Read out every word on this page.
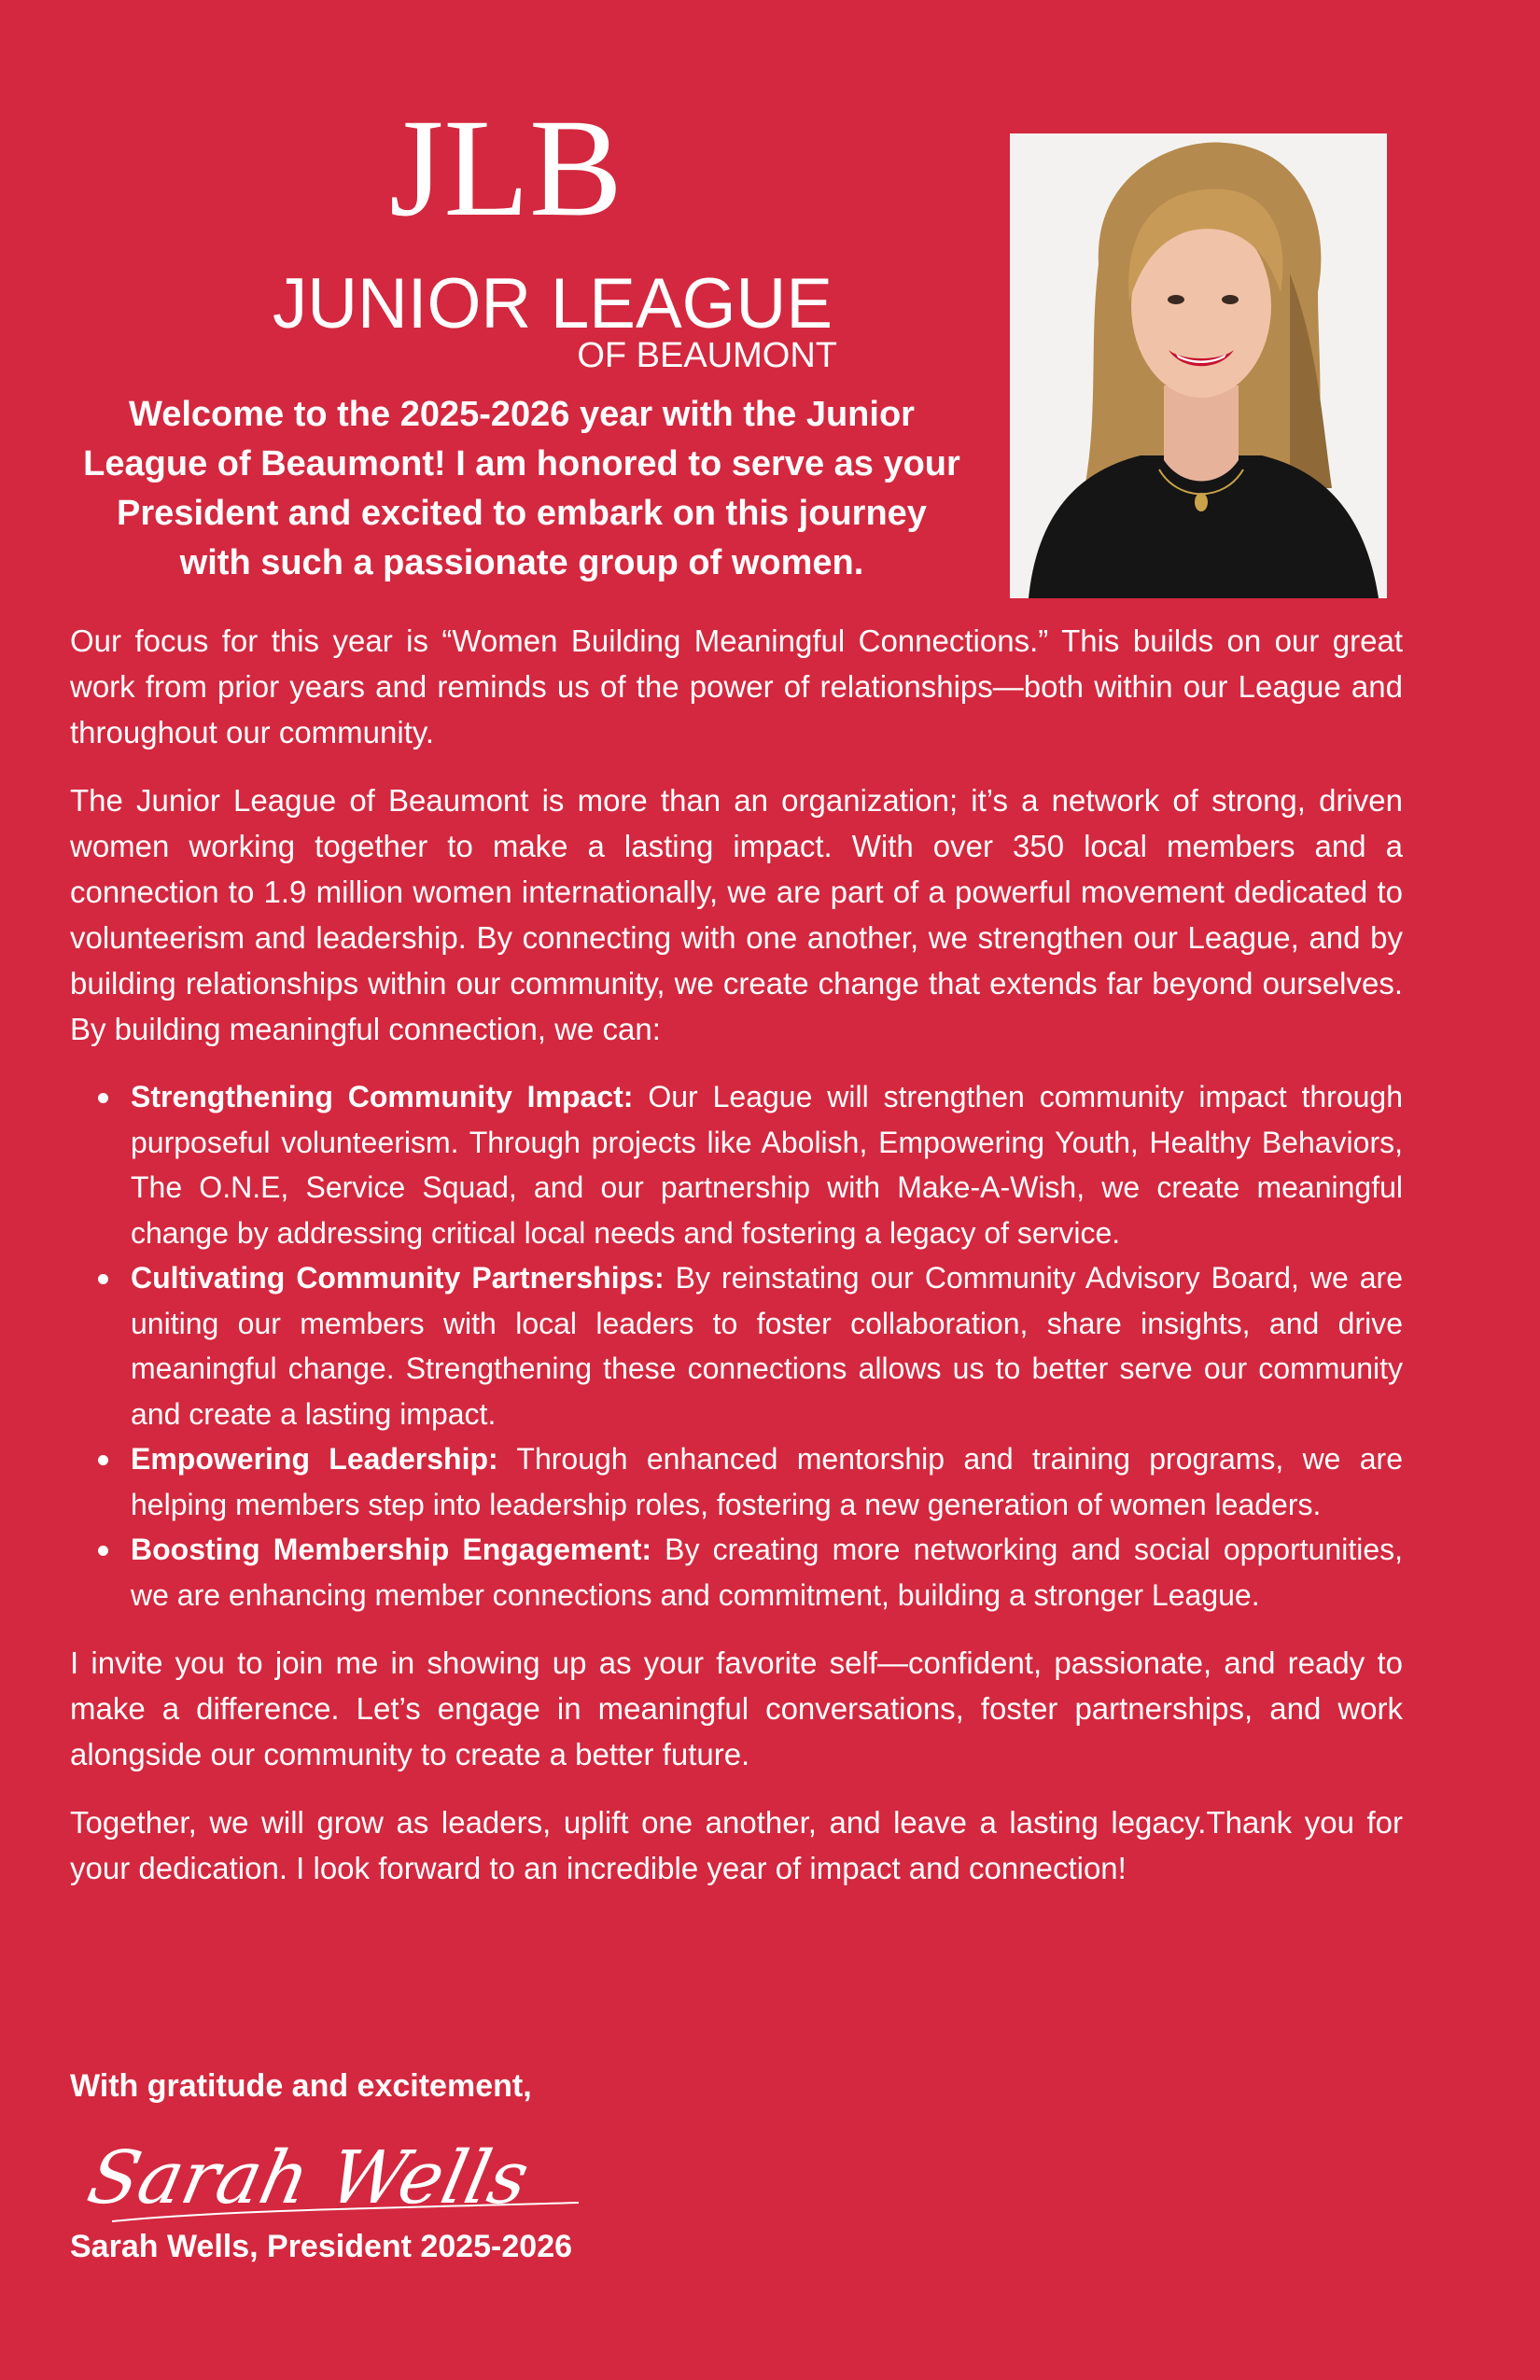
JLB
JUNIOR LEAGUE
OF BEAUMONT

Welcome to the 2025-2026 year with the Junior League of Beaumont! I am honored to serve as your President and excited to embark on this journey with such a passionate group of women.

Our focus for this year is “Women Building Meaningful Connections.” This builds on our great work from prior years and reminds us of the power of relationships—both within our League and throughout our community.

The Junior League of Beaumont is more than an organization; it’s a network of strong, driven women working together to make a lasting impact. With over 350 local members and a connection to 1.9 million women internationally, we are part of a powerful movement dedicated to volunteerism and leadership. By connecting with one another, we strengthen our League, and by building relationships within our community, we create change that extends far beyond ourselves. By building meaningful connection, we can:

Strengthening Community Impact: Our League will strengthen community impact through purposeful volunteerism. Through projects like Abolish, Empowering Youth, Healthy Behaviors, The O.N.E, Service Squad, and our partnership with Make-A-Wish, we create meaningful change by addressing critical local needs and fostering a legacy of service.
Cultivating Community Partnerships: By reinstating our Community Advisory Board, we are uniting our members with local leaders to foster collaboration, share insights, and drive meaningful change. Strengthening these connections allows us to better serve our community and create a lasting impact.
Empowering Leadership: Through enhanced mentorship and training programs, we are helping members step into leadership roles, fostering a new generation of women leaders.
Boosting Membership Engagement: By creating more networking and social opportunities, we are enhancing member connections and commitment, building a stronger League.

I invite you to join me in showing up as your favorite self—confident, passionate, and ready to make a difference. Let’s engage in meaningful conversations, foster partnerships, and work alongside our community to create a better future.

Together, we will grow as leaders, uplift one another, and leave a lasting legacy.Thank you for your dedication. I look forward to an incredible year of impact and connection!

With gratitude and excitement,

Sarah Wells

Sarah Wells, President 2025-2026
